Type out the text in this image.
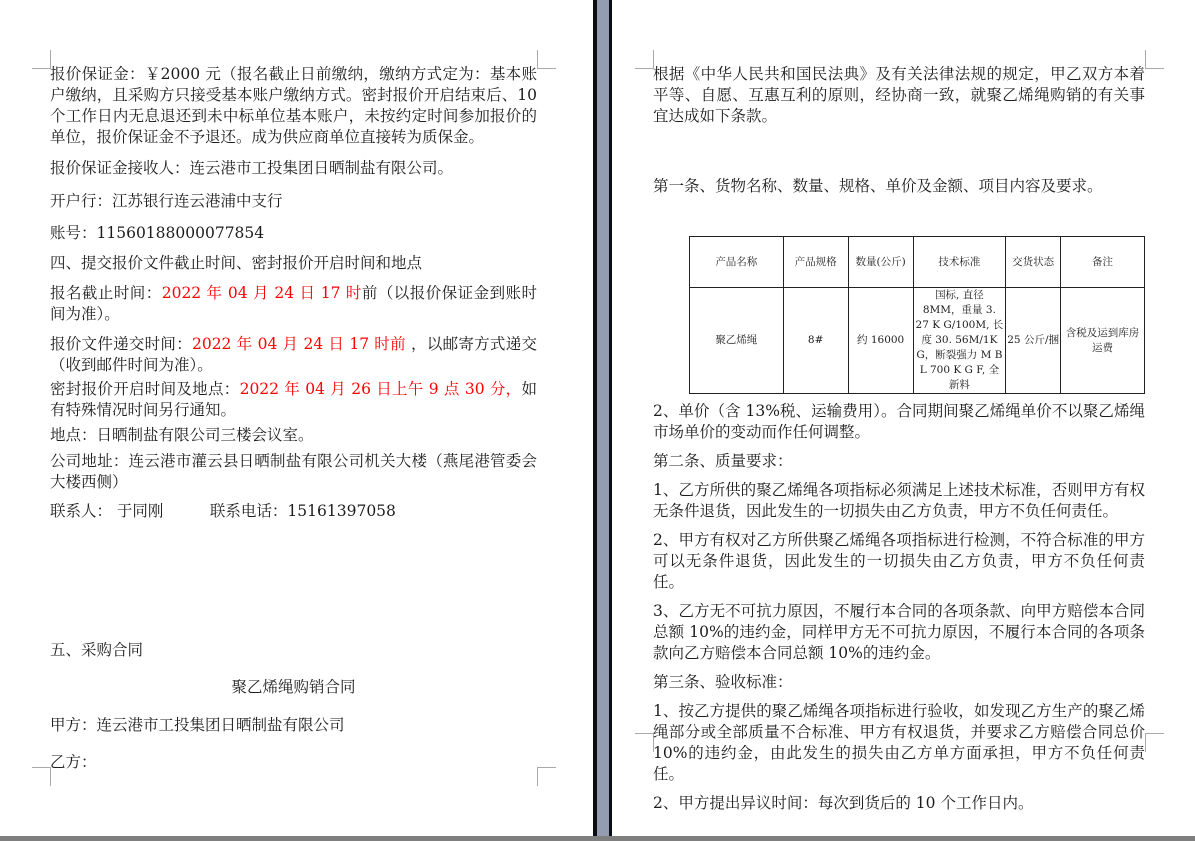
报价保证金：￥2000 元（报名截止日前缴纳，缴纳方式定为：基本账户缴纳，且采购方只接受基本账户缴纳方式。密封报价开启结束后、10 个工作日内无息退还到未中标单位基本账户，未按约定时间参加报价的单位，报价保证金不予退还。成为供应商单位直接转为质保金。
报价保证金接收人：连云港市工投集团日晒制盐有限公司。
开户行：江苏银行连云港浦中支行
账号：11560188000077854
四、提交报价文件截止时间、密封报价开启时间和地点
报名截止时间：2022 年 04 月 24 日 17 时前（以报价保证金到账时间为准）。
报价文件递交时间：2022 年 04 月 24 日 17 时前 ，以邮寄方式递交（收到邮件时间为准）。
密封报价开启时间及地点：2022 年 04 月 26 日上午 9 点 30 分，如有特殊情况时间另行通知。
地点：日晒制盐有限公司三楼会议室。
公司地址：连云港市灌云县日晒制盐有限公司机关大楼（燕尾港管委会大楼西侧）
联系人： 于同刚　　　联系电话：15161397058
五、采购合同
聚乙烯绳购销合同
甲方：连云港市工投集团日晒制盐有限公司
乙方：
根据《中华人民共和国民法典》及有关法律法规的规定，甲乙双方本着平等、自愿、互惠互利的原则，经协商一致，就聚乙烯绳购销的有关事宜达成如下条款。
第一条、货物名称、数量、规格、单价及金额、项目内容及要求。
产品名称	产品规格	数量(公斤)	技术标准	交货状态	备注
聚乙烯绳	8#	约 16000	国标, 直径 8MM，重量 3. 27 K G/100M, 长度 30. 56M/1K G，断裂强力 M B L 700 K G F, 全新料	25 公斤/捆	含税及运到库房运费
2、单价（含 13%税、运输费用）。合同期间聚乙烯绳单价不以聚乙烯绳市场单价的变动而作任何调整。
第二条、质量要求：
1、乙方所供的聚乙烯绳各项指标必须满足上述技术标准，否则甲方有权无条件退货，因此发生的一切损失由乙方负责，甲方不负任何责任。
2、甲方有权对乙方所供聚乙烯绳各项指标进行检测，不符合标准的甲方可以无条件退货，因此发生的一切损失由乙方负责，甲方不负任何责任。
3、乙方无不可抗力原因，不履行本合同的各项条款、向甲方赔偿本合同总额 10%的违约金，同样甲方无不可抗力原因，不履行本合同的各项条款向乙方赔偿本合同总额 10%的违约金。
第三条、验收标准：
1、按乙方提供的聚乙烯绳各项指标进行验收，如发现乙方生产的聚乙烯绳部分或全部质量不合标准、甲方有权退货，并要求乙方赔偿合同总价 10%的违约金，由此发生的损失由乙方单方面承担，甲方不负任何责任。
2、甲方提出异议时间：每次到货后的 10 个工作日内。
